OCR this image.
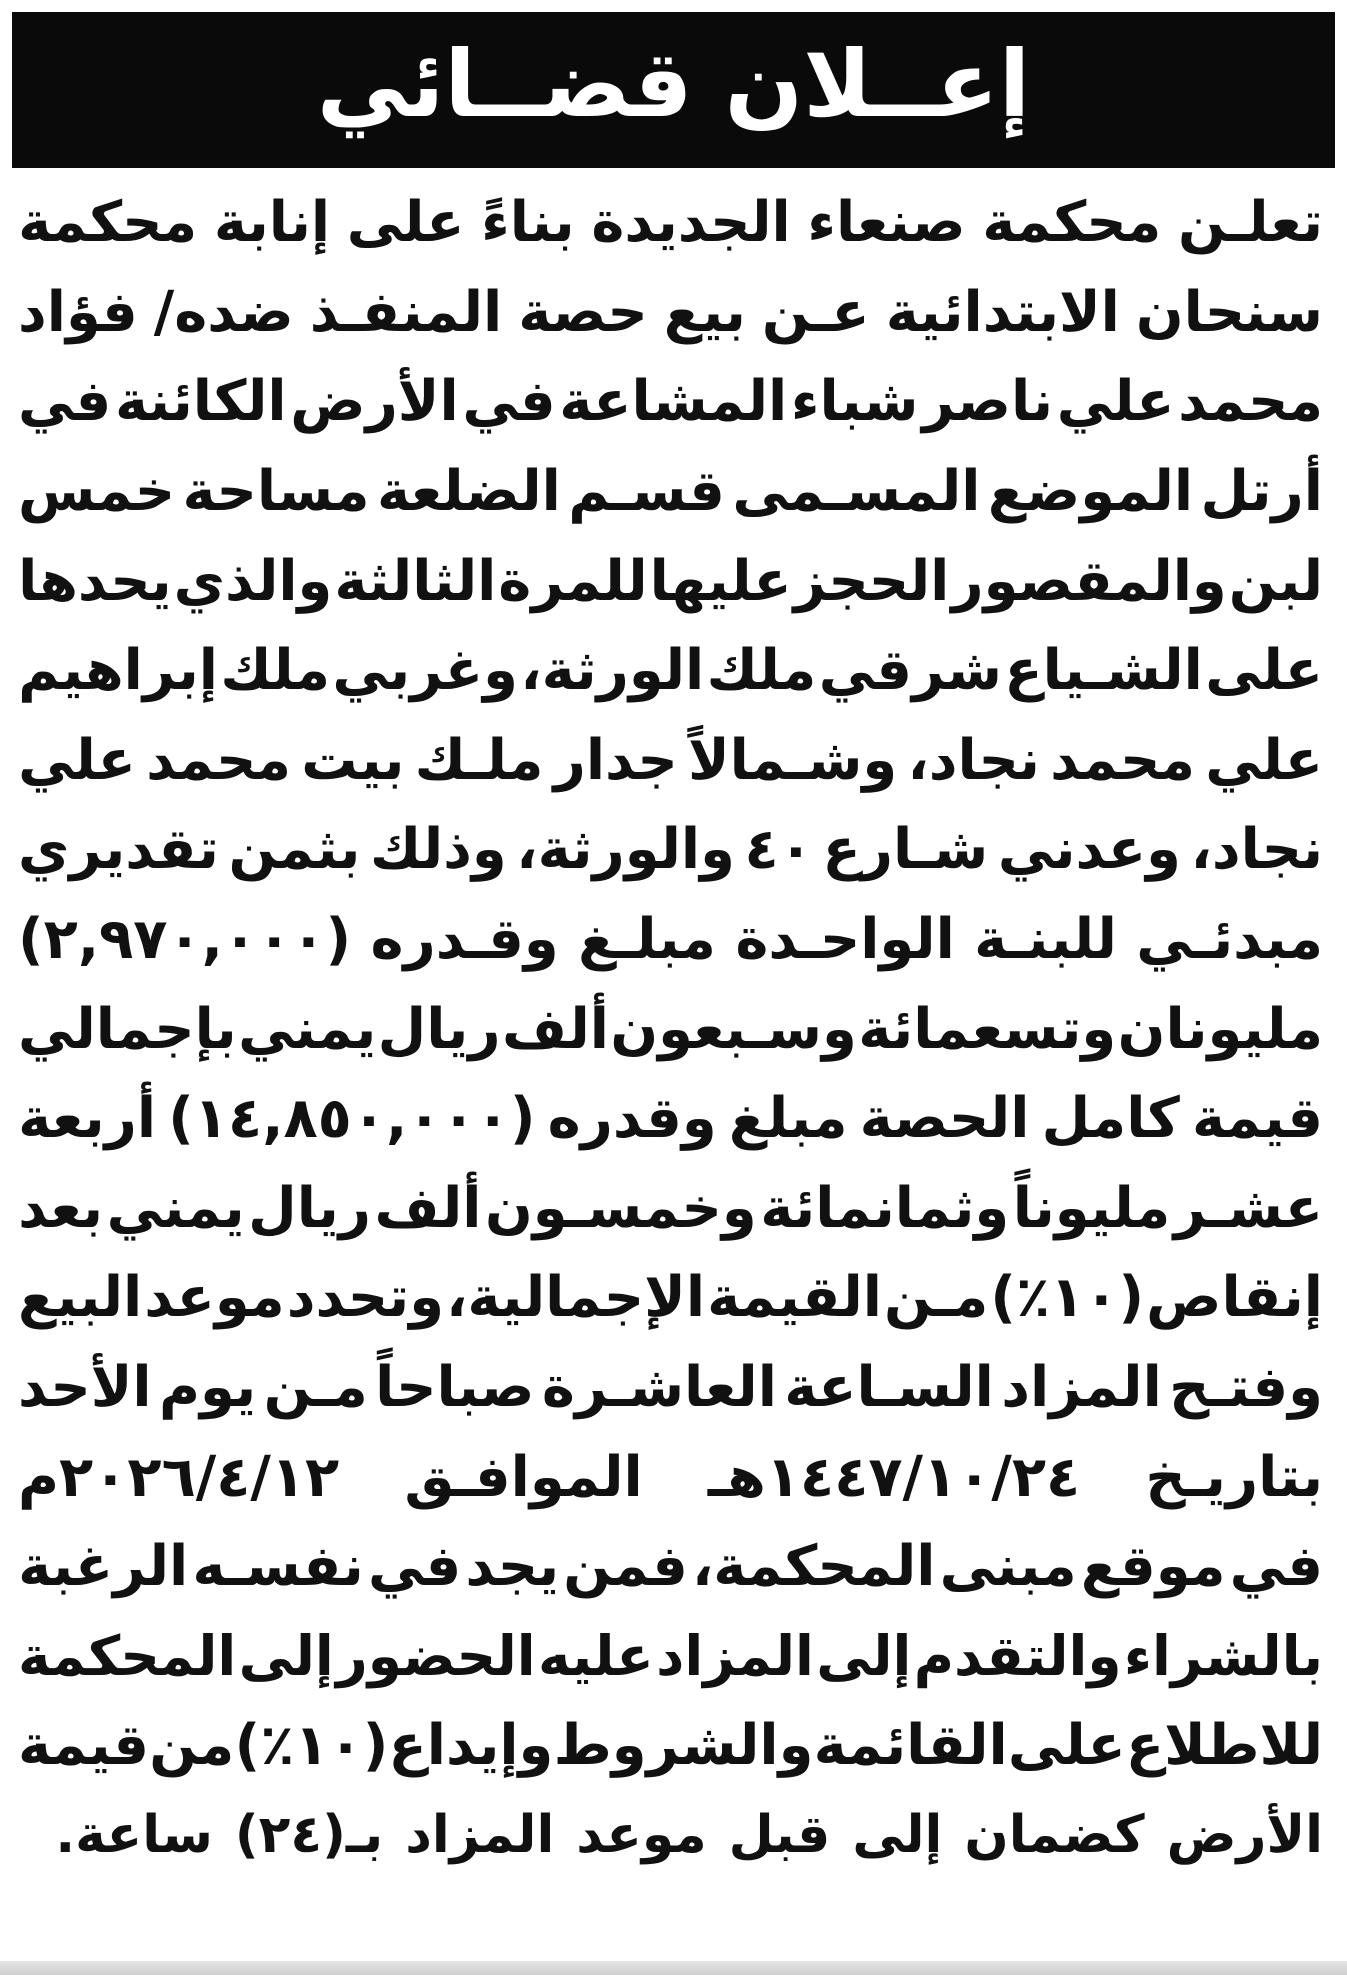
إعــلان قضــائي
تعلـن
محكمة
صنعاء
الجديدة
بناءً
على
إنابة
محكمة
سنحان
الابتدائية
عـن
بيع
حصة
المنفـذ
ضده/
فؤاد
محمد
علي
ناصر
شباء
المشاعة
في
الأرض
الكائنة
في
أرتل
الموضع
المسـمى
قسـم
الضلعة
مساحة
خمس
لبن
والمقصور
الحجز
عليها
للمرة
الثالثة
والذي
يحدها
على
الشـياع
شرقي
ملك
الورثة،
وغربي
ملك
إبراهيم
علي
محمد
نجاد،
وشـمالاً
جدار
ملـك
بيت
محمد
علي
نجاد،
وعدني
شـارع
٤٠
والورثة،
وذلك
بثمن
تقديري
مبدئـي
للبنـة
الواحـدة
مبلـغ
وقـدره
(٢,٩٧٠,٠٠٠)
مليونان
وتسعمائة
وسـبعون
ألف
ريال
يمني
بإجمالي
قيمة
كامل
الحصة
مبلغ
وقدره
(١٤,٨٥٠,٠٠٠)
أربعة
عشـر
مليوناً
وثمانمائة
وخمسـون
ألف
ريال
يمني
بعد
إنقاص
(١٠٪)
مـن
القيمة
الإجمالية،
وتحدد
موعد
البيع
وفتـح
المزاد
السـاعة
العاشـرة
صباحاً
مـن
يوم
الأحد
بتاريـخ
١٤٤٧/١٠/٢٤هـ
الموافـق
٢٠٢٦/٤/١٢م
في
موقع
مبنى
المحكمة،
فمن
يجد
في
نفسـه
الرغبة
بالشراء
والتقدم
إلى
المزاد
عليه
الحضور
إلى
المحكمة
للاطلاع
على
القائمة
والشروط
وإيداع
(١٠٪)
من
قيمة
الأرض
كضمان
إلى
قبل
موعد
المزاد
بـ(٢٤)
ساعة.
